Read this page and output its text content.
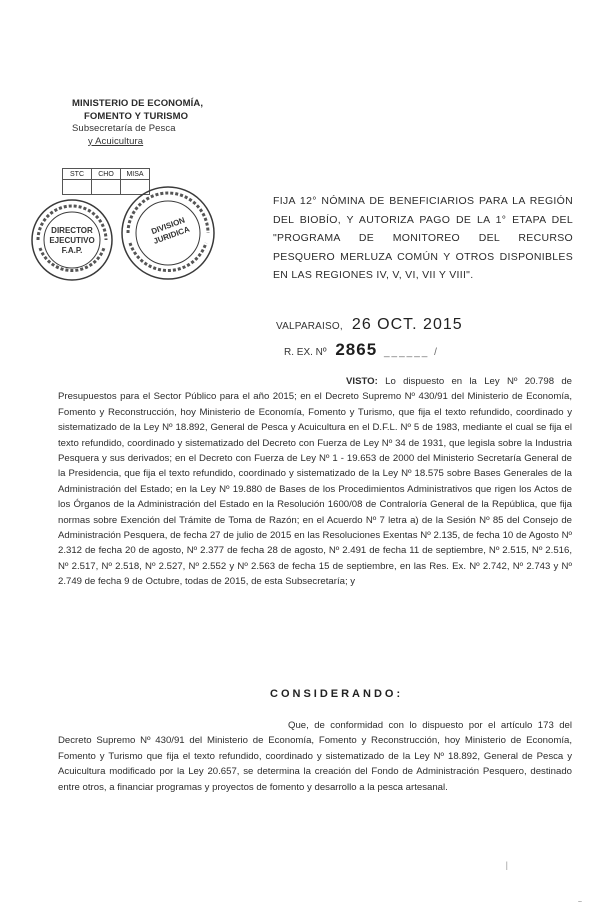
MINISTERIO DE ECONOMÍA,
FOMENTO Y TURISMO
Subsecretaría de Pesca
y Acuicultura
STC	CHO	MISA

DIRECTOR EJECUTIVO F.A.P.
DIVISION JURIDICA
FIJA 12° NÓMINA DE BENEFICIARIOS PARA LA REGIÓN DEL BIOBÍO, Y AUTORIZA PAGO DE LA 1° ETAPA DEL "PROGRAMA DE MONITOREO DEL RECURSO PESQUERO MERLUZA COMÚN Y OTROS DISPONIBLES EN LAS REGIONES IV, V, VI, VII Y VIII".
VALPARAISO, 26 OCT. 2015
R. EX. Nº 2865 ______ /
VISTO: Lo dispuesto en la Ley Nº 20.798 de Presupuestos para el Sector Público para el año 2015; en el Decreto Supremo Nº 430/91 del Ministerio de Economía, Fomento y Reconstrucción, hoy Ministerio de Economía, Fomento y Turismo, que fija el texto refundido, coordinado y sistematizado de la Ley Nº 18.892, General de Pesca y Acuicultura en el D.F.L. Nº 5 de 1983, mediante el cual se fija el texto refundido, coordinado y sistematizado del Decreto con Fuerza de Ley Nº 34 de 1931, que legisla sobre la Industria Pesquera y sus derivados; en el Decreto con Fuerza de Ley Nº 1 - 19.653 de 2000 del Ministerio Secretaría General de la Presidencia, que fija el texto refundido, coordinado y sistematizado de la Ley Nº 18.575 sobre Bases Generales de la Administración del Estado; en la Ley Nº 19.880 de Bases de los Procedimientos Administrativos que rigen los Actos de los Órganos de la Administración del Estado en la Resolución 1600/08 de Contraloría General de la República, que fija normas sobre Exención del Trámite de Toma de Razón; en el Acuerdo Nº 7 letra a) de la Sesión Nº 85 del Consejo de Administración Pesquera, de fecha 27 de julio de 2015 en las Resoluciones Exentas Nº 2.135, de fecha 10 de Agosto Nº 2.312 de fecha 20 de agosto, Nº 2.377 de fecha 28 de agosto, Nº 2.491 de fecha 11 de septiembre, Nº 2.515, Nº 2.516, Nº 2.517, Nº 2.518, Nº 2.527, Nº 2.552 y Nº 2.563 de fecha 15 de septiembre, en las Res. Ex. Nº 2.742, Nº 2.743 y Nº 2.749 de fecha 9 de Octubre, todas de 2015, de esta Subsecretaría; y
CONSIDERANDO:
Que, de conformidad con lo dispuesto por el artículo 173 del Decreto Supremo Nº 430/91 del Ministerio de Economía, Fomento y Reconstrucción, hoy Ministerio de Economía, Fomento y Turismo que fija el texto refundido, coordinado y sistematizado de la Ley Nº 18.892, General de Pesca y Acuicultura modificado por la Ley 20.657, se determina la creación del Fondo de Administración Pesquero, destinado entre otros, a financiar programas y proyectos de fomento y desarrollo a la pesca artesanal.
|
~
